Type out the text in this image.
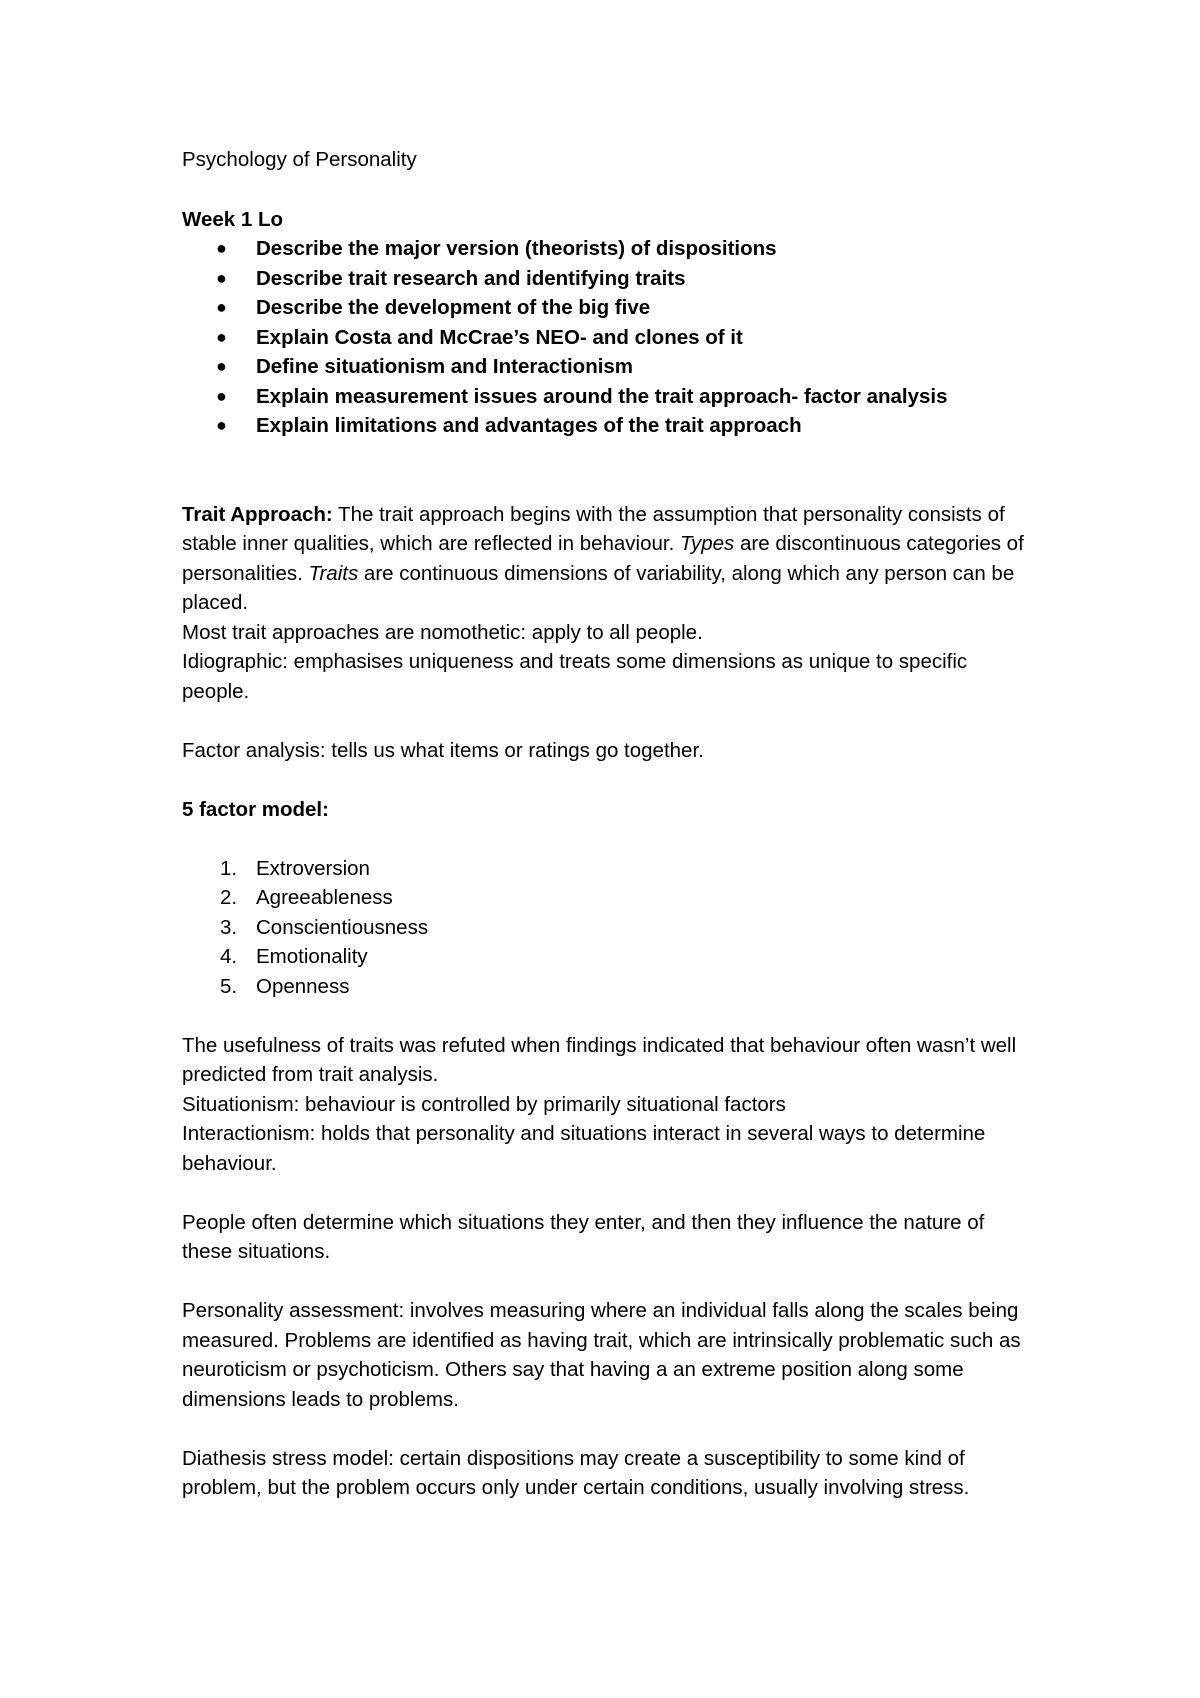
Psychology of Personality

Week 1 Lo

● Describe the major version (theorists) of dispositions
● Describe trait research and identifying traits
● Describe the development of the big five
● Explain Costa and McCrae’s NEO- and clones of it
● Define situationism and Interactionism
● Explain measurement issues around the trait approach- factor analysis
● Explain limitations and advantages of the trait approach

Trait Approach: The trait approach begins with the assumption that personality consists of stable inner qualities, which are reflected in behaviour. Types are discontinuous categories of personalities. Traits are continuous dimensions of variability, along which any person can be placed.

Most trait approaches are nomothetic: apply to all people.

Idiographic: emphasises uniqueness and treats some dimensions as unique to specific people.

Factor analysis: tells us what items or ratings go together.

5 factor model:

1. Extroversion
2. Agreeableness
3. Conscientiousness
4. Emotionality
5. Openness

The usefulness of traits was refuted when findings indicated that behaviour often wasn’t well predicted from trait analysis.

Situationism: behaviour is controlled by primarily situational factors

Interactionism: holds that personality and situations interact in several ways to determine behaviour.

People often determine which situations they enter, and then they influence the nature of these situations.

Personality assessment: involves measuring where an individual falls along the scales being measured. Problems are identified as having trait, which are intrinsically problematic such as neuroticism or psychoticism. Others say that having a an extreme position along some dimensions leads to problems.

Diathesis stress model: certain dispositions may create a susceptibility to some kind of problem, but the problem occurs only under certain conditions, usually involving stress.
